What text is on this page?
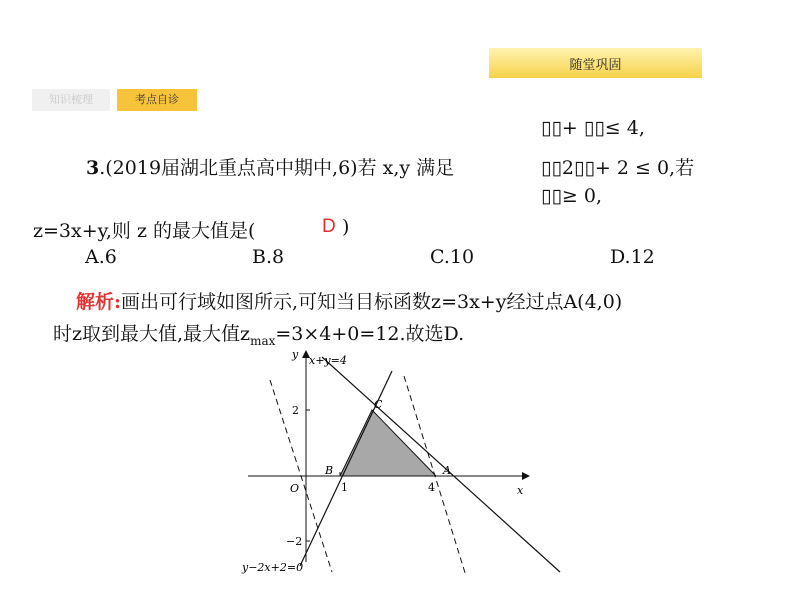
随堂巩固
知识梳理	考点自诊
3.(2019届湖北重点高中期中,6)若 x,y 满足
▯▯+ ▯▯≤ 4,
▯▯2▯▯+ 2 ≤ 0,若
▯▯≥ 0,
z=3x+y,则 z 的最大值是(	D )
A.6	B.8	C.10	D.12
解析:画出可行域如图所示,可知当目标函数z=3x+y经过点A(4,0)
时z取到最大值,最大值$z_{max}=3\times 4+0=12$.故选D.
x
y
O	1	4
2
−2
A
B
C
x+y=4
y−2x+2=0
